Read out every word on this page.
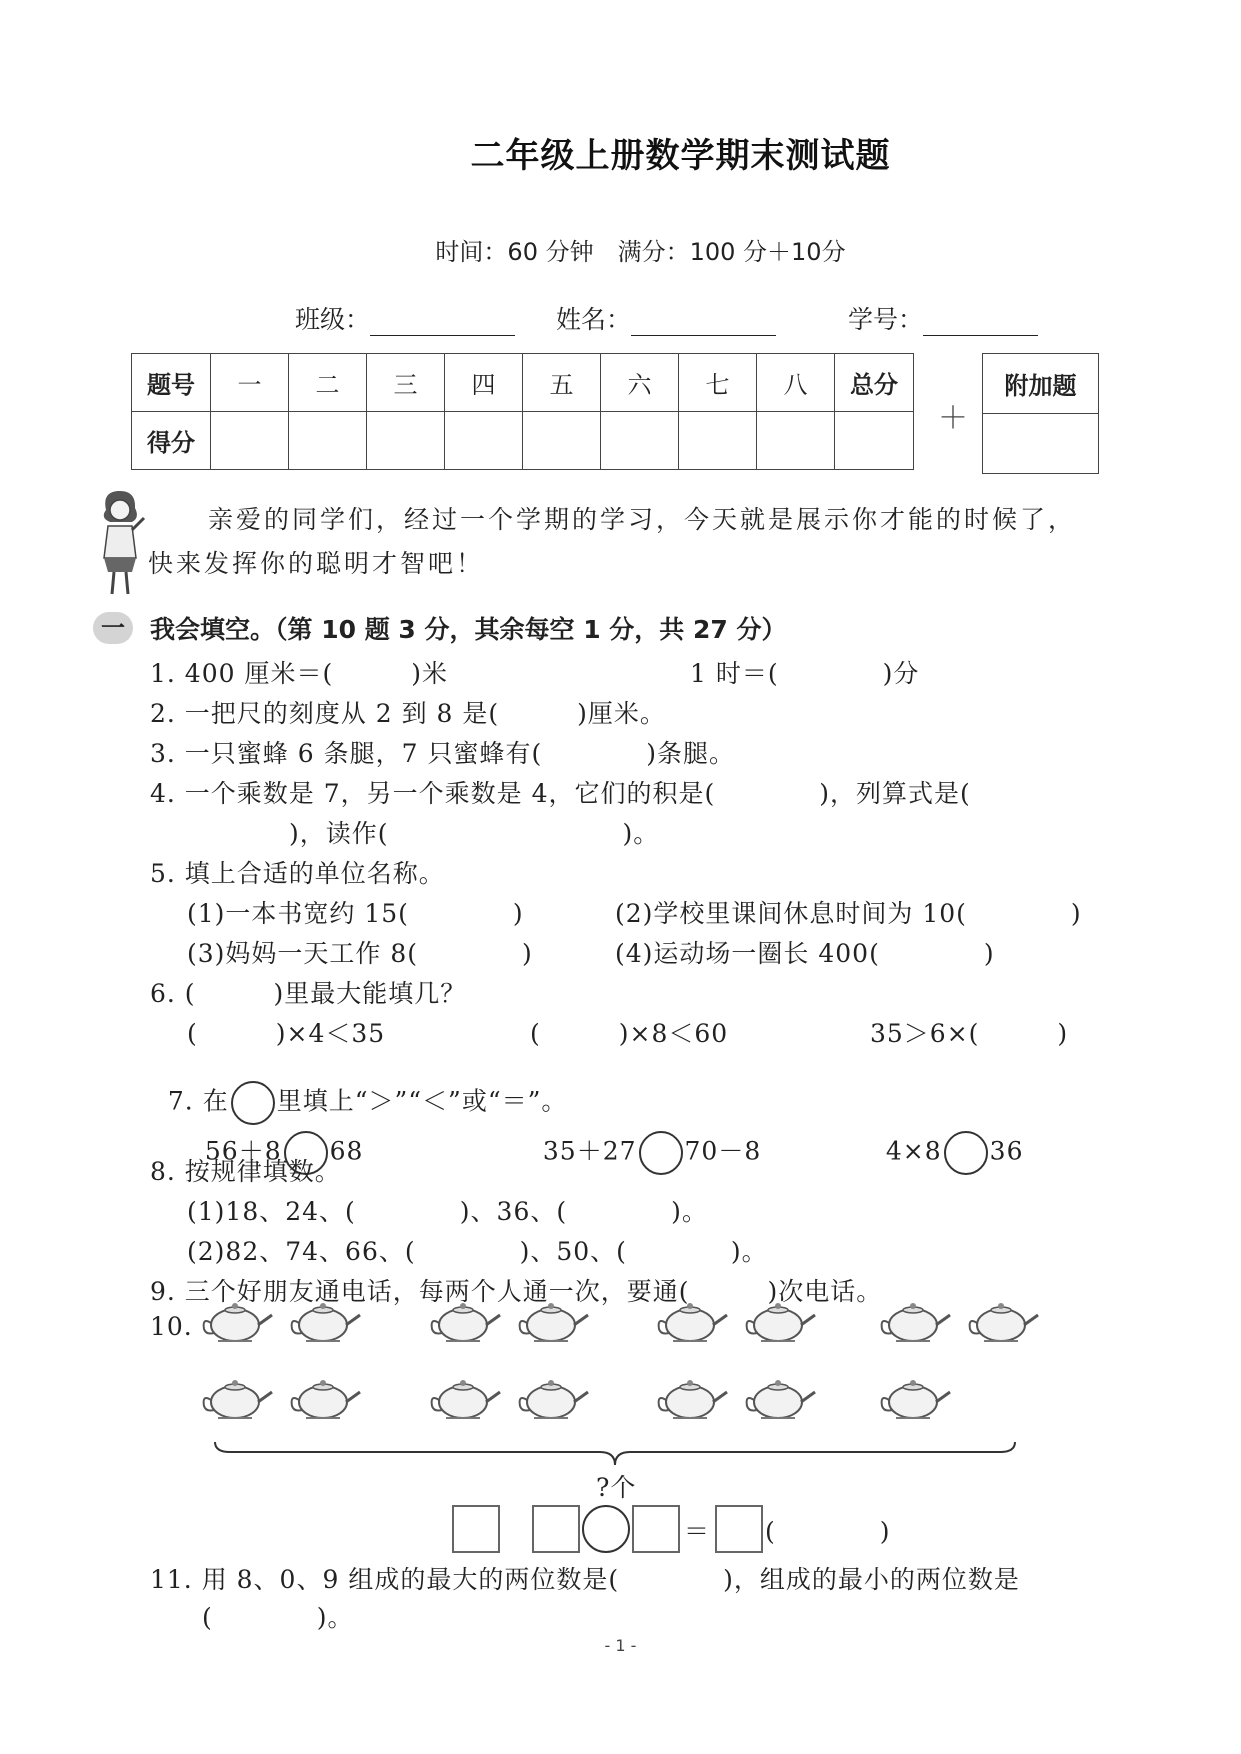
二年级上册数学期末测试题
时间：60 分钟　满分：100 分＋10分
班级：	姓名：	学号：
题号	一	二	三	四	五	六	七	八	总分
得分									
＋
附加题

亲爱的同学们，经过一个学期的学习，今天就是展示你才能的时候了，
快来发挥你的聪明才智吧！
一	我会填空。（第 10 题 3 分，其余每空 1 分，共 27 分）
1. 400 厘米＝(　　　)米	1 时＝(　　　　)分
2. 一把尺的刻度从 2 到 8 是(　　　)厘米。
3. 一只蜜蜂 6 条腿，7 只蜜蜂有(　　　　)条腿。
4. 一个乘数是 7，另一个乘数是 4，它们的积是(　　　　)，列算式是(
　　　　)，读作(　　　　　　　　　)。
5. 填上合适的单位名称。
(1)一本书宽约 15(　　　　)	(2)学校里课间休息时间为 10(　　　　)
(3)妈妈一天工作 8(　　　　)	(4)运动场一圈长 400(　　　　)
6. (　　　)里最大能填几？
(　　　)×4＜35	(　　　)×8＜60	35＞6×(　　　)

7. 在 里填上“＞”“＜”或“＝”。

56＋8 68	35＋27 70－8	4×8 36

8. 按规律填数。
(1)18、24、(　　　　)、36、(　　　　)。
(2)82、74、66、(　　　　)、50、(　　　　)。
9. 三个好朋友通电话，每两个人通一次，要通(　　　)次电话。
10.
?个
＝ (　　　　)
11. 用 8、0、9 组成的最大的两位数是(　　　　)，组成的最小的两位数是
(　　　　)。
- 1 -
